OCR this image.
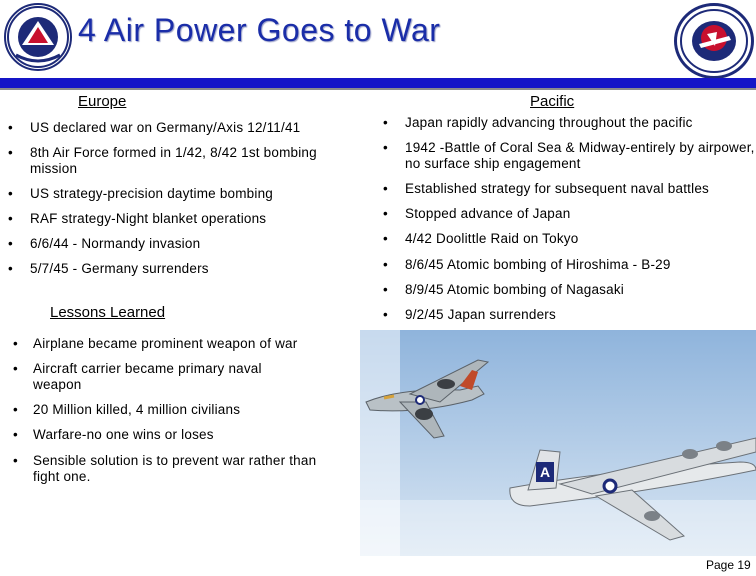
4 Air Power Goes to War
Europe	Pacific
• US declared war on Germany/Axis 12/11/41
• 8th Air Force formed in 1/42, 8/42 1st bombing mission
• US strategy-precision daytime bombing
• RAF strategy-Night blanket operations
• 6/6/44 - Normandy invasion
• 5/7/45 - Germany surrenders
• Japan rapidly advancing throughout the pacific
• 1942 -Battle of Coral Sea & Midway-entirely by airpower, no surface ship engagement
• Established strategy for subsequent naval battles
• Stopped advance of Japan
• 4/42 Doolittle Raid on Tokyo
• 8/6/45 Atomic bombing of Hiroshima - B-29
• 8/9/45 Atomic bombing of Nagasaki
• 9/2/45 Japan surrenders
Lessons Learned
• Airplane became prominent weapon of war
• Aircraft carrier became primary naval weapon
• 20 Million killed, 4 million civilians
• Warfare-no one wins or loses
• Sensible solution is to prevent war rather than fight one.	A
Page 19
